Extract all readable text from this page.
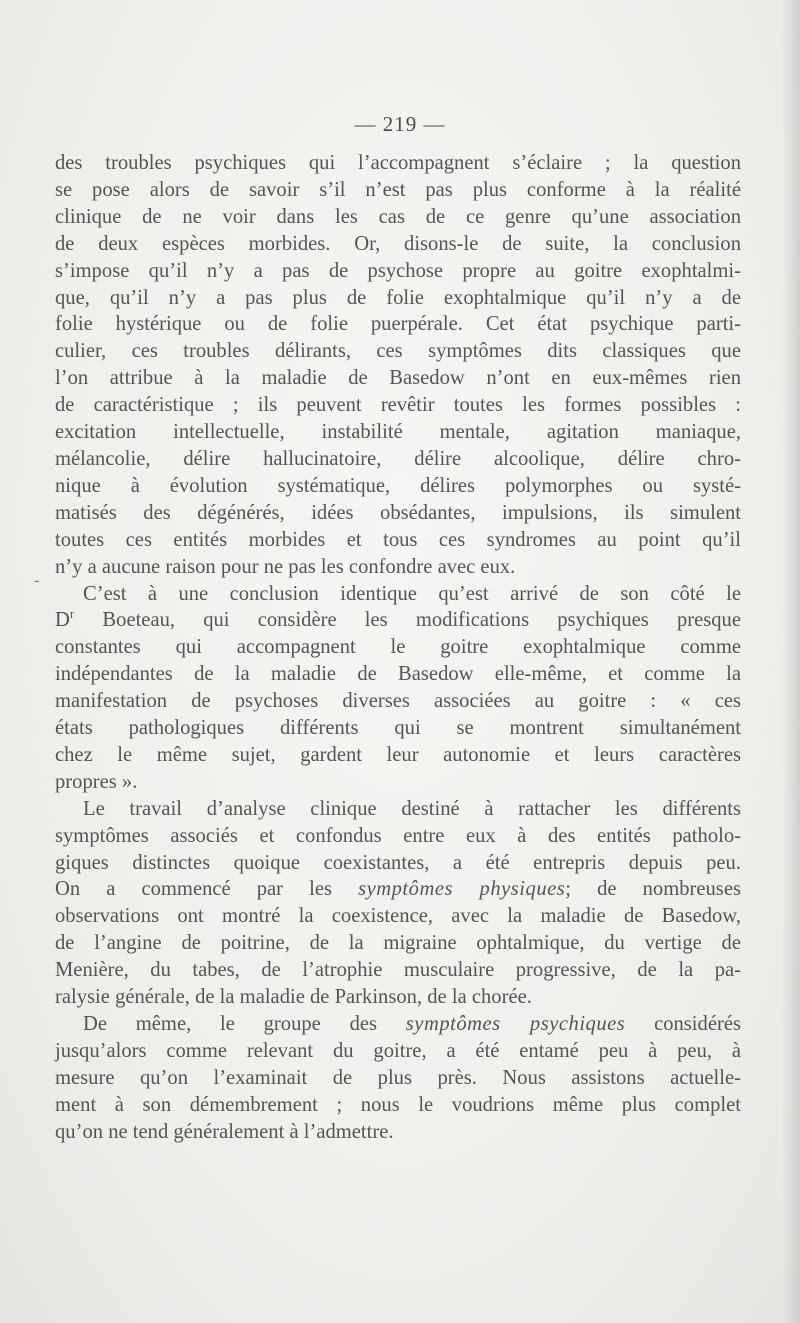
— 219 —
-

des troubles psychiques qui l’accompagnent s’éclaire ; la question
se pose alors de savoir s’il n’est pas plus conforme à la réalité
clinique de ne voir dans les cas de ce genre qu’une association
de deux espèces morbides. Or, disons-le de suite, la conclusion
s’impose qu’il n’y a pas de psychose propre au goitre exophtalmi-
que, qu’il n’y a pas plus de folie exophtalmique qu’il n’y a de
folie hystérique ou de folie puerpérale. Cet état psychique parti-
culier, ces troubles délirants, ces symptômes dits classiques que
l’on attribue à la maladie de Basedow n’ont en eux-mêmes rien
de caractéristique ; ils peuvent revêtir toutes les formes possibles :
excitation intellectuelle, instabilité mentale, agitation maniaque,
mélancolie, délire hallucinatoire, délire alcoolique, délire chro-
nique à évolution systématique, délires polymorphes ou systé-
matisés des dégénérés, idées obsédantes, impulsions, ils simulent
toutes ces entités morbides et tous ces syndromes au point qu’il
n’y a aucune raison pour ne pas les confondre avec eux.

C’est à une conclusion identique qu’est arrivé de son côté le
$D^r$ Boeteau, qui considère les modifications psychiques presque
constantes qui accompagnent le goitre exophtalmique comme
indépendantes de la maladie de Basedow elle-même, et comme la
manifestation de psychoses diverses associées au goitre : « ces
états pathologiques différents qui se montrent simultanément
chez le même sujet, gardent leur autonomie et leurs caractères
propres ».

Le travail d’analyse clinique destiné à rattacher les différents
symptômes associés et confondus entre eux à des entités patholo-
giques distinctes quoique coexistantes, a été entrepris depuis peu.
On a commencé par les symptômes physiques; de nombreuses
observations ont montré la coexistence, avec la maladie de Basedow,
de l’angine de poitrine, de la migraine ophtalmique, du vertige de
Menière, du tabes, de l’atrophie musculaire progressive, de la pa-
ralysie générale, de la maladie de Parkinson, de la chorée.

De même, le groupe des symptômes psychiques considérés
jusqu’alors comme relevant du goitre, a été entamé peu à peu, à
mesure qu’on l’examinait de plus près. Nous assistons actuelle-
ment à son démembrement ; nous le voudrions même plus complet
qu’on ne tend généralement à l’admettre.
